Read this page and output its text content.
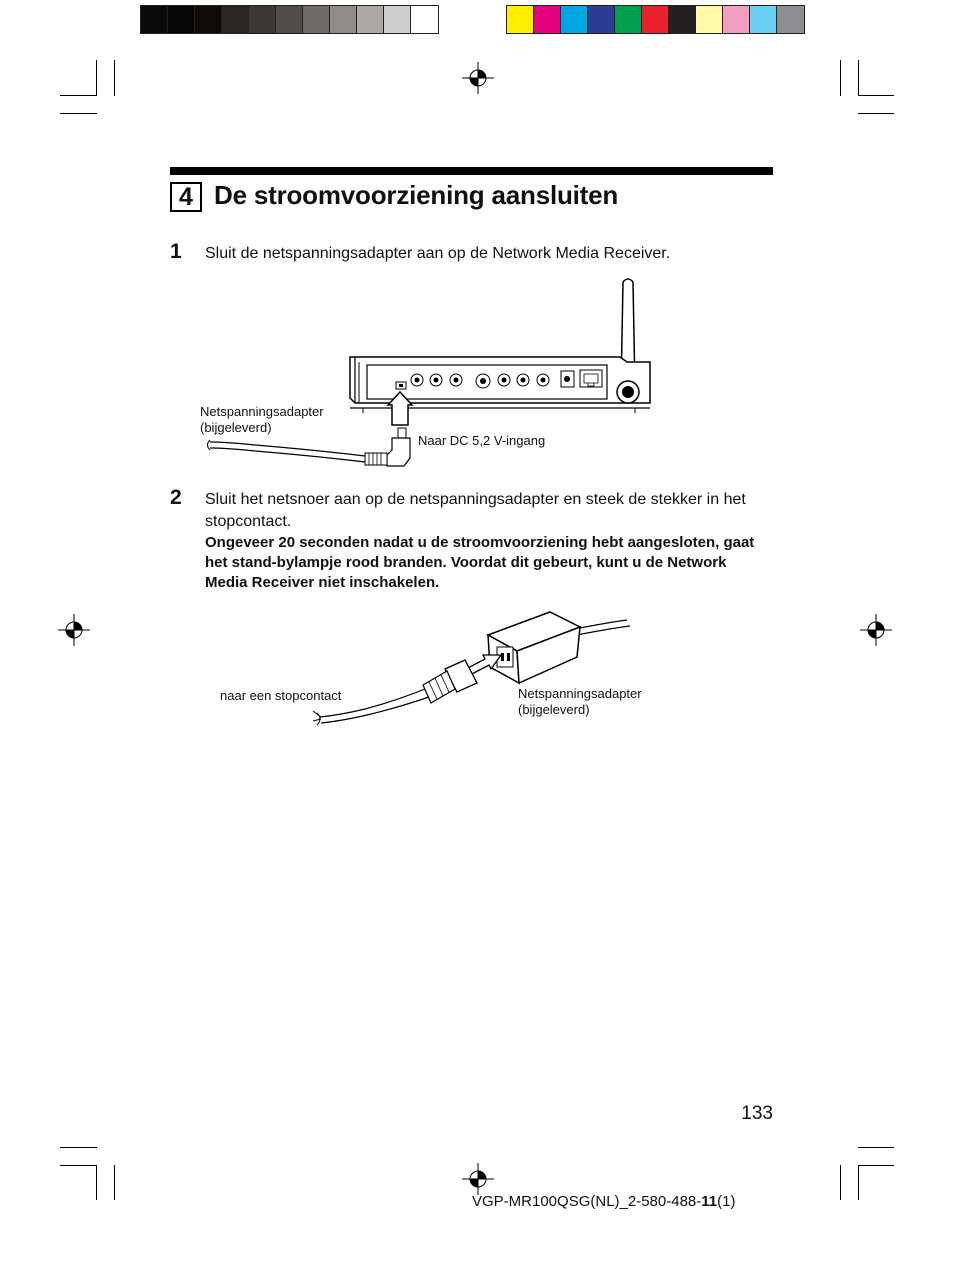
4 De stroomvoorziening aansluiten
1 Sluit de netspanningsadapter aan op de Network Media Receiver.
Netspanningsadapter
(bijgeleverd)
Naar DC 5,2 V-ingang
2 Sluit het netsnoer aan op de netspanningsadapter en steek de stekker in het stopcontact.
Ongeveer 20 seconden nadat u de stroomvoorziening hebt aangesloten, gaat het stand-bylampje rood branden. Voordat dit gebeurt, kunt u de Network Media Receiver niet inschakelen.
naar een stopcontact	Netspanningsadapter
(bijgeleverd)
133
VGP-MR100QSG(NL)_2-580-488-11(1)
